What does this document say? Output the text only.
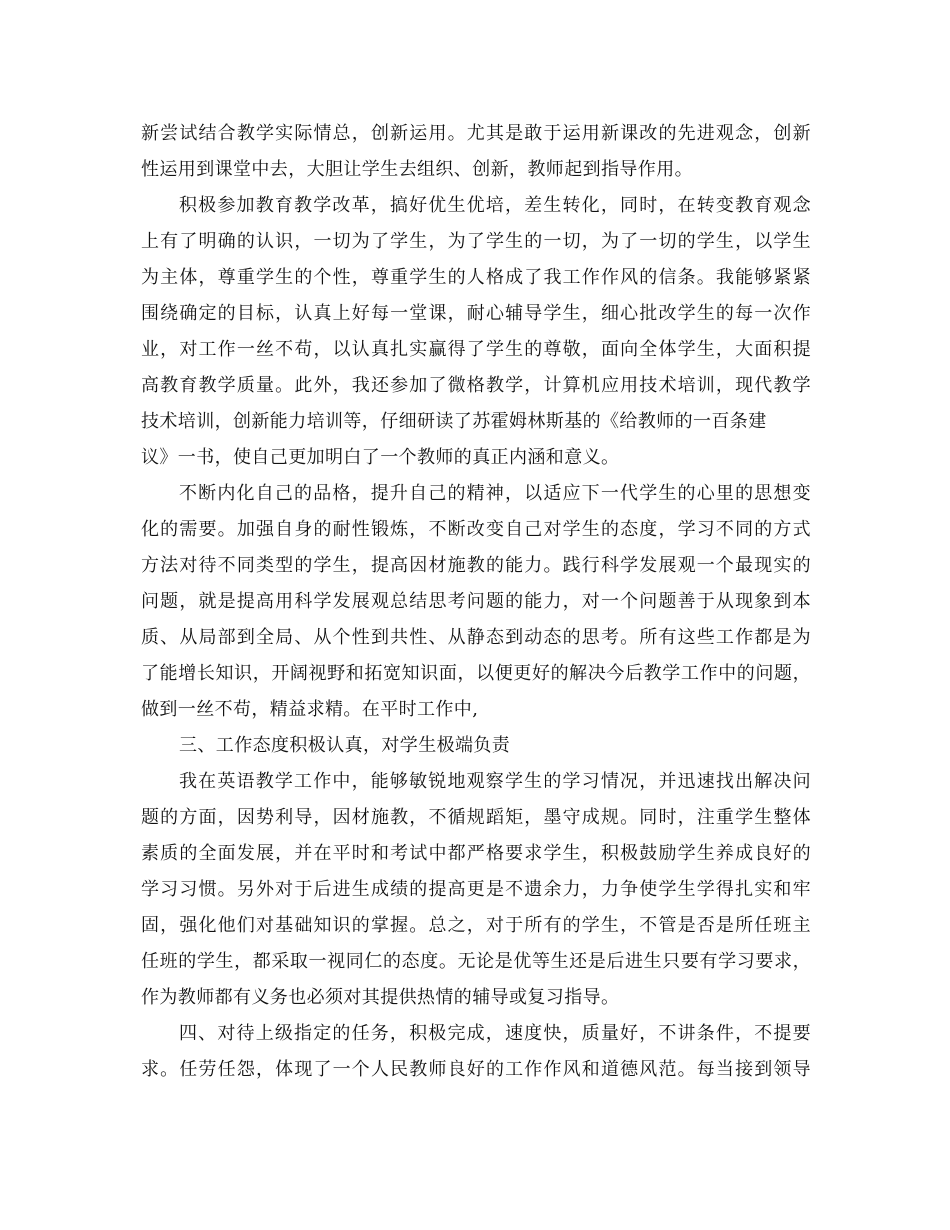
新尝试结合教学实际情总，创新运用。尤其是敢于运用新课改的先进观念，创新
性运用到课堂中去，大胆让学生去组织、创新，教师起到指导作用。
积极参加教育教学改革，搞好优生优培，差生转化，同时，在转变教育观念
上有了明确的认识，一切为了学生，为了学生的一切，为了一切的学生，以学生
为主体，尊重学生的个性，尊重学生的人格成了我工作作风的信条。我能够紧紧
围绕确定的目标，认真上好每一堂课，耐心辅导学生，细心批改学生的每一次作
业，对工作一丝不苟，以认真扎实赢得了学生的尊敬，面向全体学生，大面积提
高教育教学质量。此外，我还参加了微格教学，计算机应用技术培训，现代教学
技术培训，创新能力培训等，仔细研读了苏霍姆林斯基的《给教师的一百条建
议》一书，使自己更加明白了一个教师的真正内涵和意义。
不断内化自己的品格，提升自己的精神，以适应下一代学生的心里的思想变
化的需要。加强自身的耐性锻炼，不断改变自己对学生的态度，学习不同的方式
方法对待不同类型的学生，提高因材施教的能力。践行科学发展观一个最现实的
问题，就是提高用科学发展观总结思考问题的能力，对一个问题善于从现象到本
质、从局部到全局、从个性到共性、从静态到动态的思考。所有这些工作都是为
了能增长知识，开阔视野和拓宽知识面，以便更好的解决今后教学工作中的问题，
做到一丝不苟，精益求精。在平时工作中,
三、工作态度积极认真，对学生极端负责
我在英语教学工作中，能够敏锐地观察学生的学习情况，并迅速找出解决问
题的方面，因势利导，因材施教，不循规蹈矩，墨守成规。同时，注重学生整体
素质的全面发展，并在平时和考试中都严格要求学生，积极鼓励学生养成良好的
学习习惯。另外对于后进生成绩的提高更是不遗余力，力争使学生学得扎实和牢
固，强化他们对基础知识的掌握。总之，对于所有的学生，不管是否是所任班主
任班的学生，都采取一视同仁的态度。无论是优等生还是后进生只要有学习要求，
作为教师都有义务也必须对其提供热情的辅导或复习指导。
四、对待上级指定的任务，积极完成，速度快，质量好，不讲条件，不提要
求。任劳任怨，体现了一个人民教师良好的工作作风和道德风范。每当接到领导
